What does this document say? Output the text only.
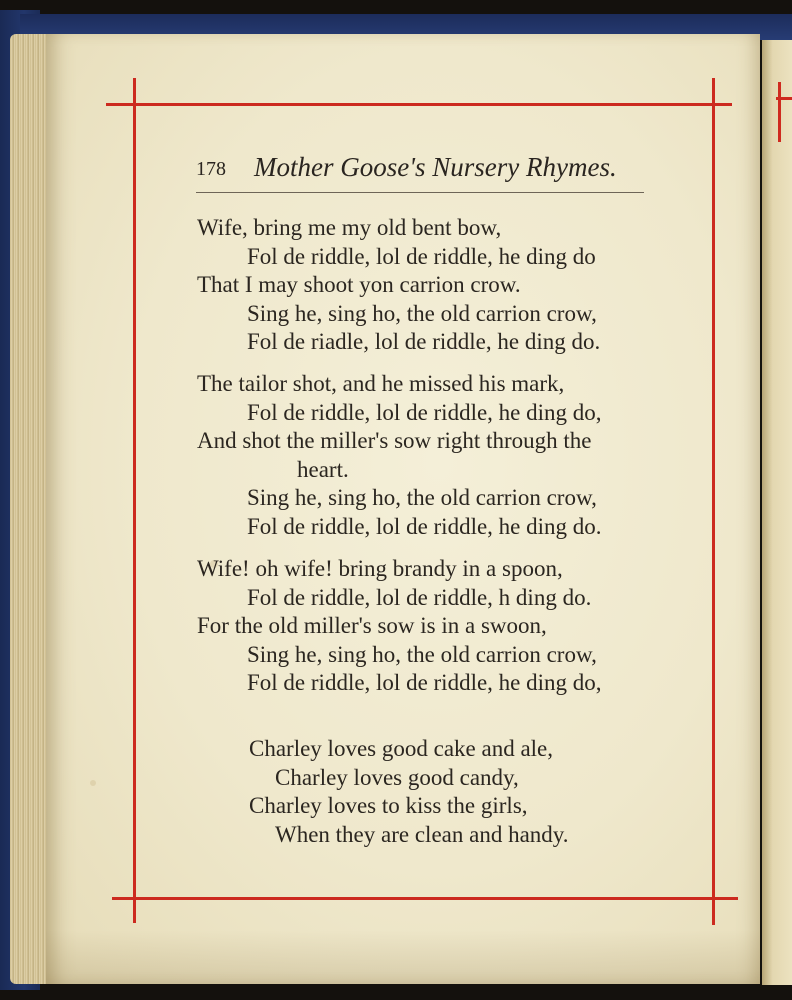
178 Mother Goose's Nursery Rhymes.
Wife, bring me my old bent bow,
Fol de riddle, lol de riddle, he ding do
That I may shoot yon carrion crow.
Sing he, sing ho, the old carrion crow,
Fol de riadle, lol de riddle, he ding do.
The tailor shot, and he missed his mark,
Fol de riddle, lol de riddle, he ding do,
And shot the miller's sow right through the
heart.
Sing he, sing ho, the old carrion crow,
Fol de riddle, lol de riddle, he ding do.
Wife! oh wife! bring brandy in a spoon,
Fol de riddle, lol de riddle, h ding do.
For the old miller's sow is in a swoon,
Sing he, sing ho, the old carrion crow,
Fol de riddle, lol de riddle, he ding do,
Charley loves good cake and ale,
Charley loves good candy,
Charley loves to kiss the girls,
When they are clean and handy.
